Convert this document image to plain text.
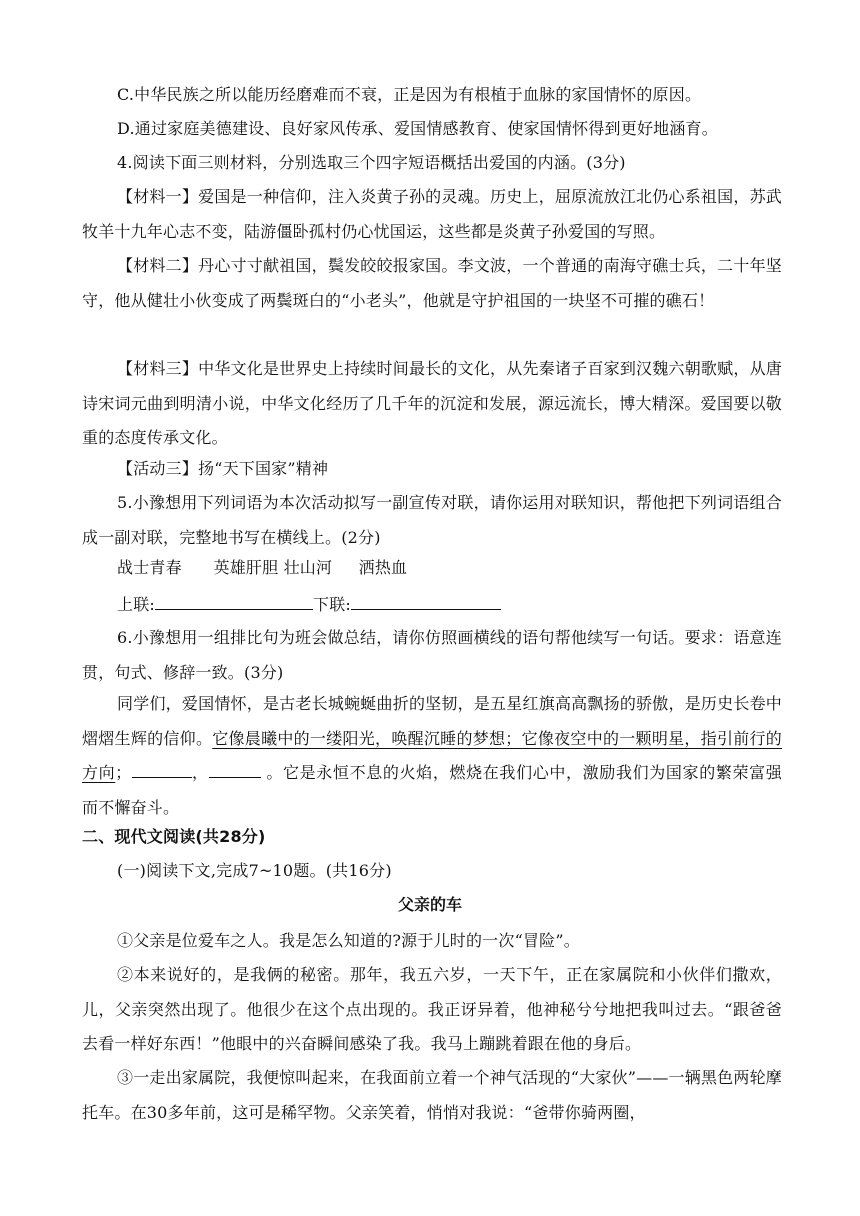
C.中华民族之所以能历经磨难而不衰，正是因为有根植于血脉的家国情怀的原因。

D.通过家庭美德建设、良好家风传承、爱国情感教育、使家国情怀得到更好地涵育。

4.阅读下面三则材料，分别选取三个四字短语概括出爱国的内涵。(3分)

【材料一】爱国是一种信仰，注入炎黄子孙的灵魂。历史上，屈原流放江北仍心系祖国，苏武牧羊十九年心志不变，陆游僵卧孤村仍心忧国运，这些都是炎黄子孙爱国的写照。

【材料二】丹心寸寸献祖国，鬓发皎皎报家国。李文波，一个普通的南海守礁士兵，二十年坚守，他从健壮小伙变成了两鬓斑白的“小老头”，他就是守护祖国的一块坚不可摧的礁石！

【材料三】中华文化是世界史上持续时间最长的文化，从先秦诸子百家到汉魏六朝歌赋，从唐诗宋词元曲到明清小说，中华文化经历了几千年的沉淀和发展，源远流长，博大精深。爱国要以敬重的态度传承文化。

【活动三】扬“天下国家”精神

5.小豫想用下列词语为本次活动拟写一副宣传对联，请你运用对联知识，帮他把下列词语组合成一副对联，完整地书写在横线上。(2分)

战士青春      英雄肝胆 壮山河     洒热血

上联:	下联:

6.小豫想用一组排比句为班会做总结，请你仿照画横线的语句帮他续写一句话。要求：语意连贯，句式、修辞一致。(3分)

同学们，爱国情怀，是古老长城蜿蜒曲折的坚韧，是五星红旗高高飘扬的骄傲，是历史长卷中熠熠生辉的信仰。它像晨曦中的一缕阳光，唤醒沉睡的梦想；它像夜空中的一颗明星，指引前行的方向；	，	。它是永恒不息的火焰，燃烧在我们心中，激励我们为国家的繁荣富强而不懈奋斗。

二、现代文阅读(共28分)

(一)阅读下文,完成7~10题。(共16分)

父亲的车

①父亲是位爱车之人。我是怎么知道的?源于儿时的一次“冒险”。

②本来说好的，是我俩的秘密。那年，我五六岁，一天下午，正在家属院和小伙伴们撒欢，儿，父亲突然出现了。他很少在这个点出现的。我正讶异着，他神秘兮兮地把我叫过去。“跟爸爸去看一样好东西！”他眼中的兴奋瞬间感染了我。我马上蹦跳着跟在他的身后。

③一走出家属院，我便惊叫起来，在我面前立着一个神气活现的“大家伙”——一辆黑色两轮摩托车。在30多年前，这可是稀罕物。父亲笑着，悄悄对我说：“爸带你骑两圈，
